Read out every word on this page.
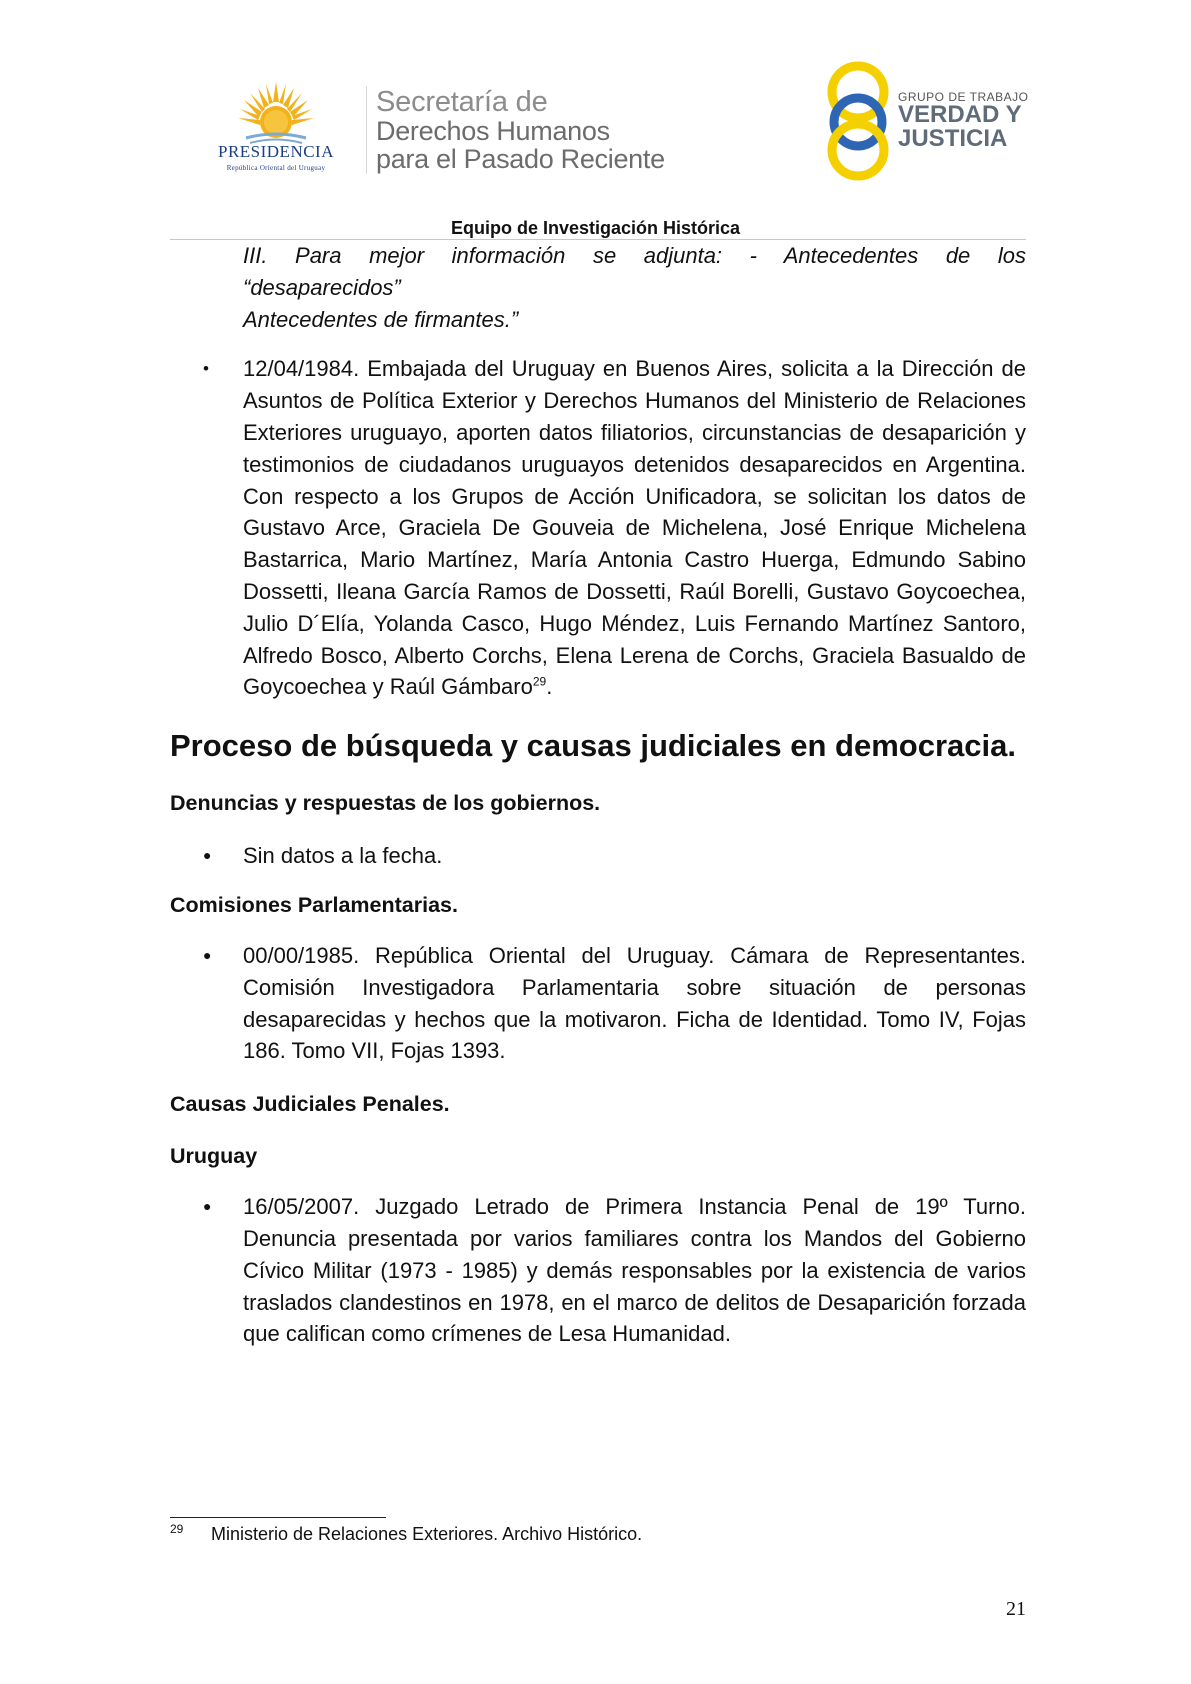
PRESIDENCIA
República Oriental del Uruguay
Secretaría de
Derechos Humanos
para el Pasado Reciente
GRUPO DE TRABAJO
VERDAD Y
JUSTICIA
Equipo de Investigación Histórica
III. Para mejor información se adjunta: - Antecedentes de los
“desaparecidos”
Antecedentes de firmantes.”
• 12/04/1984. Embajada del Uruguay en Buenos Aires, solicita a la Dirección de Asuntos de Política Exterior y Derechos Humanos del Ministerio de Relaciones Exteriores uruguayo, aporten datos filiatorios, circunstancias de desaparición y testimonios de ciudadanos uruguayos detenidos desaparecidos en Argentina. Con respecto a los Grupos de Acción Unificadora, se solicitan los datos de Gustavo Arce, Graciela De Gouveia de Michelena, José Enrique Michelena Bastarrica, Mario Martínez, María Antonia Castro Huerga, Edmundo Sabino Dossetti, Ileana García Ramos de Dossetti, Raúl Borelli, Gustavo Goycoechea, Julio D´Elía, Yolanda Casco, Hugo Méndez, Luis Fernando Martínez Santoro, Alfredo Bosco, Alberto Corchs, Elena Lerena de Corchs, Graciela Basualdo de Goycoechea y Raúl Gámbaro$^{29}$.
Proceso de búsqueda y causas judiciales en democracia.
Denuncias y respuestas de los gobiernos.
● Sin datos a la fecha.
Comisiones Parlamentarias.
● 00/00/1985. República Oriental del Uruguay. Cámara de Representantes. Comisión Investigadora Parlamentaria sobre situación de personas desaparecidas y hechos que la motivaron. Ficha de Identidad. Tomo IV, Fojas 186. Tomo VII, Fojas 1393.
Causas Judiciales Penales.
Uruguay
● 16/05/2007. Juzgado Letrado de Primera Instancia Penal de 19º Turno. Denuncia presentada por varios familiares contra los Mandos del Gobierno Cívico Militar (1973 - 1985) y demás responsables por la existencia de varios traslados clandestinos en 1978, en el marco de delitos de Desaparición forzada que califican como crímenes de Lesa Humanidad.
29 Ministerio de Relaciones Exteriores. Archivo Histórico.
21
